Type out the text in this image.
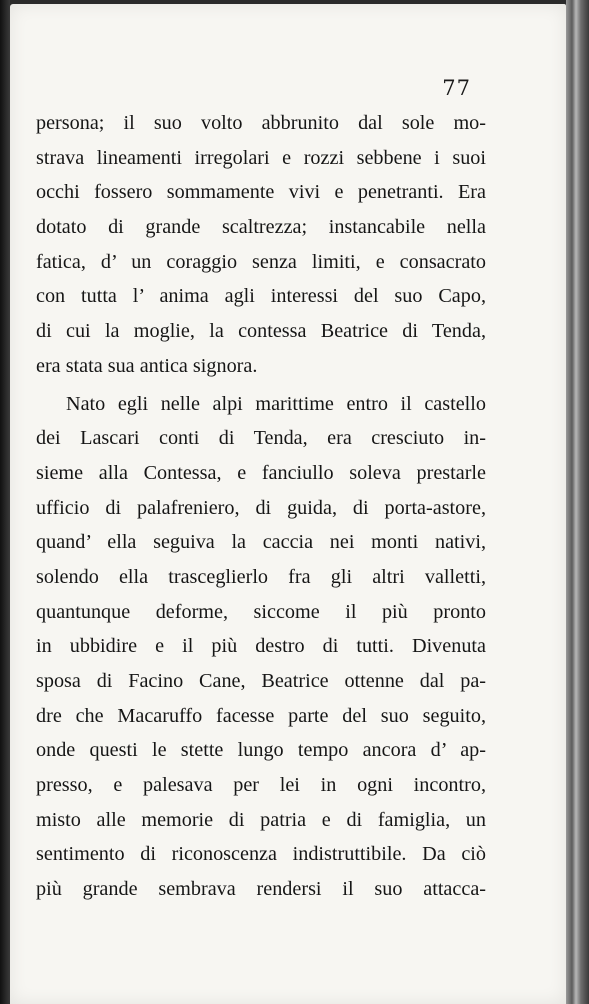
77
persona; il suo volto abbrunito dal sole mo-
strava lineamenti irregolari e rozzi sebbene i suoi
occhi fossero sommamente vivi e penetranti. Era
dotato di grande scaltrezza; instancabile nella
fatica, d’ un coraggio senza limiti, e consacrato
con tutta l’ anima agli interessi del suo Capo,
di cui la moglie, la contessa Beatrice di Tenda,
era stata sua antica signora.
Nato egli nelle alpi marittime entro il castello
dei Lascari conti di Tenda, era cresciuto in-
sieme alla Contessa, e fanciullo soleva prestarle
ufficio di palafreniero, di guida, di porta-astore,
quand’ ella seguiva la caccia nei monti nativi,
solendo ella trasceglierlo fra gli altri valletti,
quantunque deforme, siccome il più pronto
in ubbidire e il più destro di tutti. Divenuta
sposa di Facino Cane, Beatrice ottenne dal pa-
dre che Macaruffo facesse parte del suo seguito,
onde questi le stette lungo tempo ancora d’ ap-
presso, e palesava per lei in ogni incontro,
misto alle memorie di patria e di famiglia, un
sentimento di riconoscenza indistruttibile. Da ciò
più grande sembrava rendersi il suo attacca-
